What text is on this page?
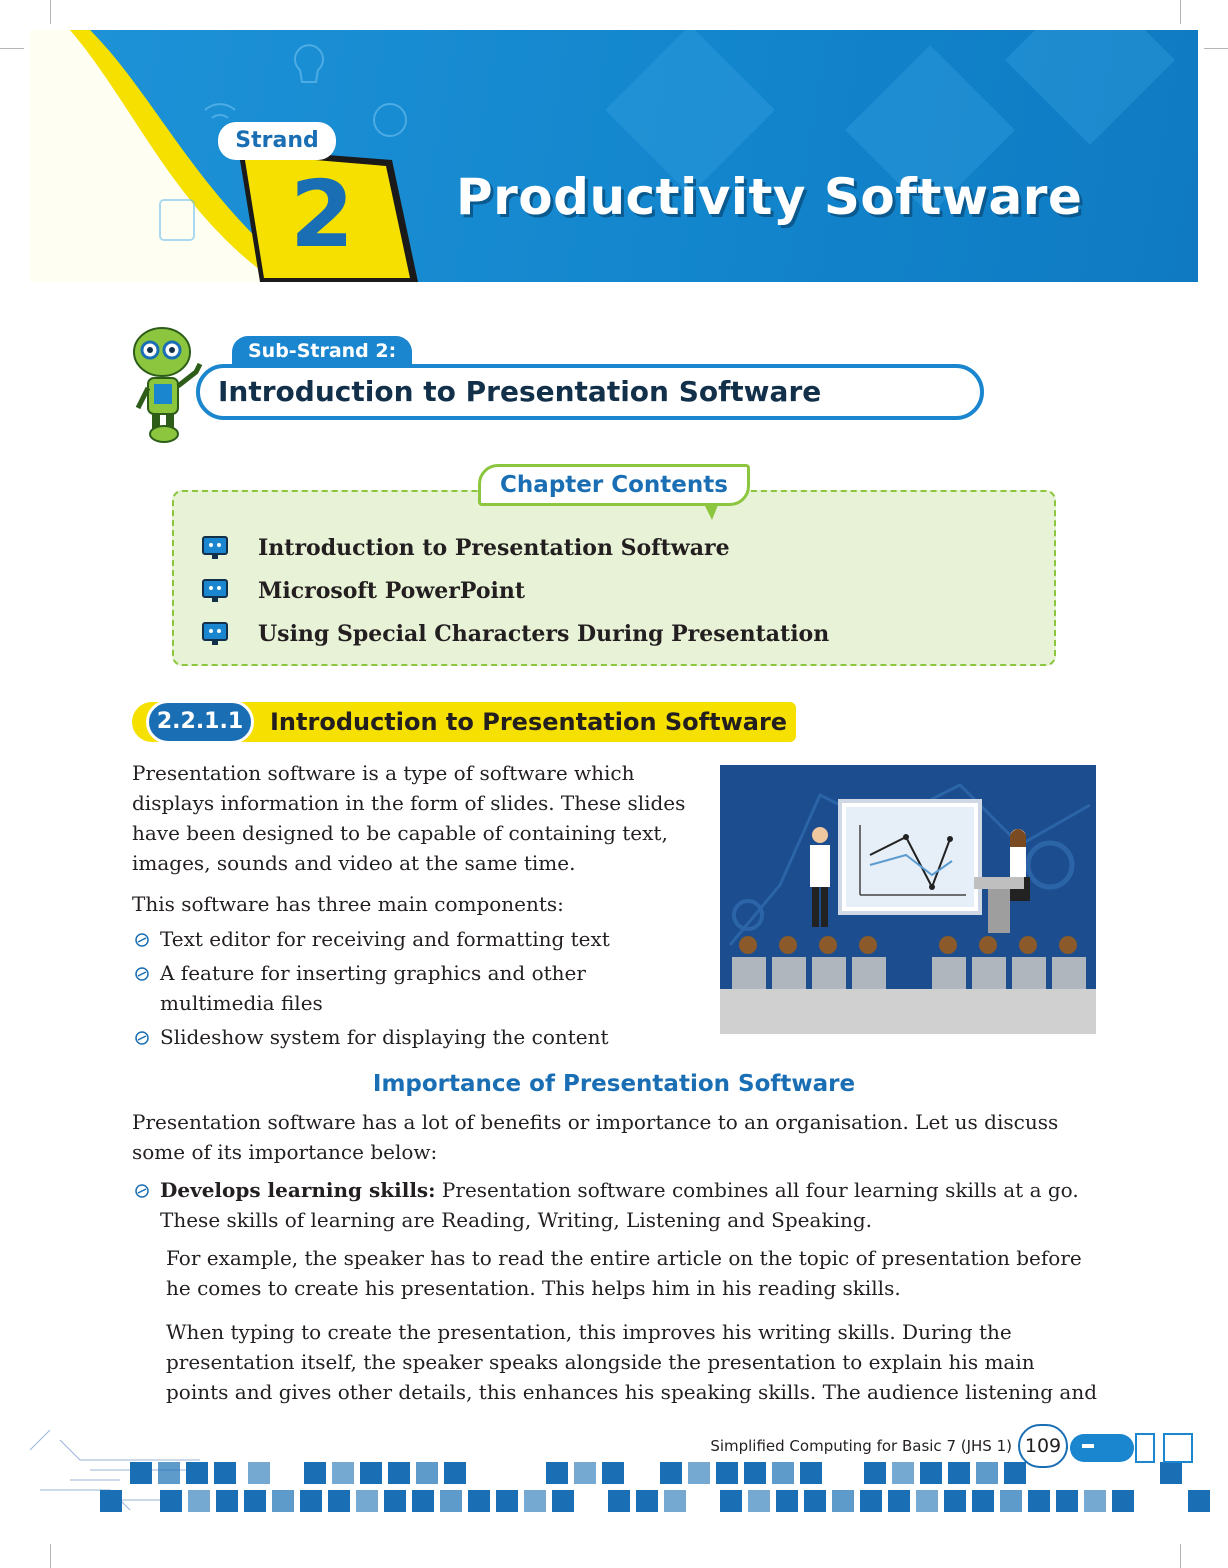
Strand
2	Productivity Software
Sub-Strand 2:
Introduction to Presentation Software
Chapter Contents
Introduction to Presentation Software
Microsoft PowerPoint
Using Special Characters During Presentation
2.2.1.1	Introduction to Presentation Software
Presentation software is a type of software which
displays information in the form of slides. These slides
have been designed to be capable of containing text,
images, sounds and video at the same time.
This software has three main components:
Text editor for receiving and formatting text
A feature for inserting graphics and other
multimedia files
Slideshow system for displaying the content
Importance of Presentation Software
Presentation software has a lot of benefits or importance to an organisation. Let us discuss
some of its importance below:
Develops learning skills: Presentation software combines all four learning skills at a go.
These skills of learning are Reading, Writing, Listening and Speaking.
For example, the speaker has to read the entire article on the topic of presentation before
he comes to create his presentation. This helps him in his reading skills.
When typing to create the presentation, this improves his writing skills. During the
presentation itself, the speaker speaks alongside the presentation to explain his main
points and gives other details, this enhances his speaking skills. The audience listening and
Simplified Computing for Basic 7 (JHS 1) 109
